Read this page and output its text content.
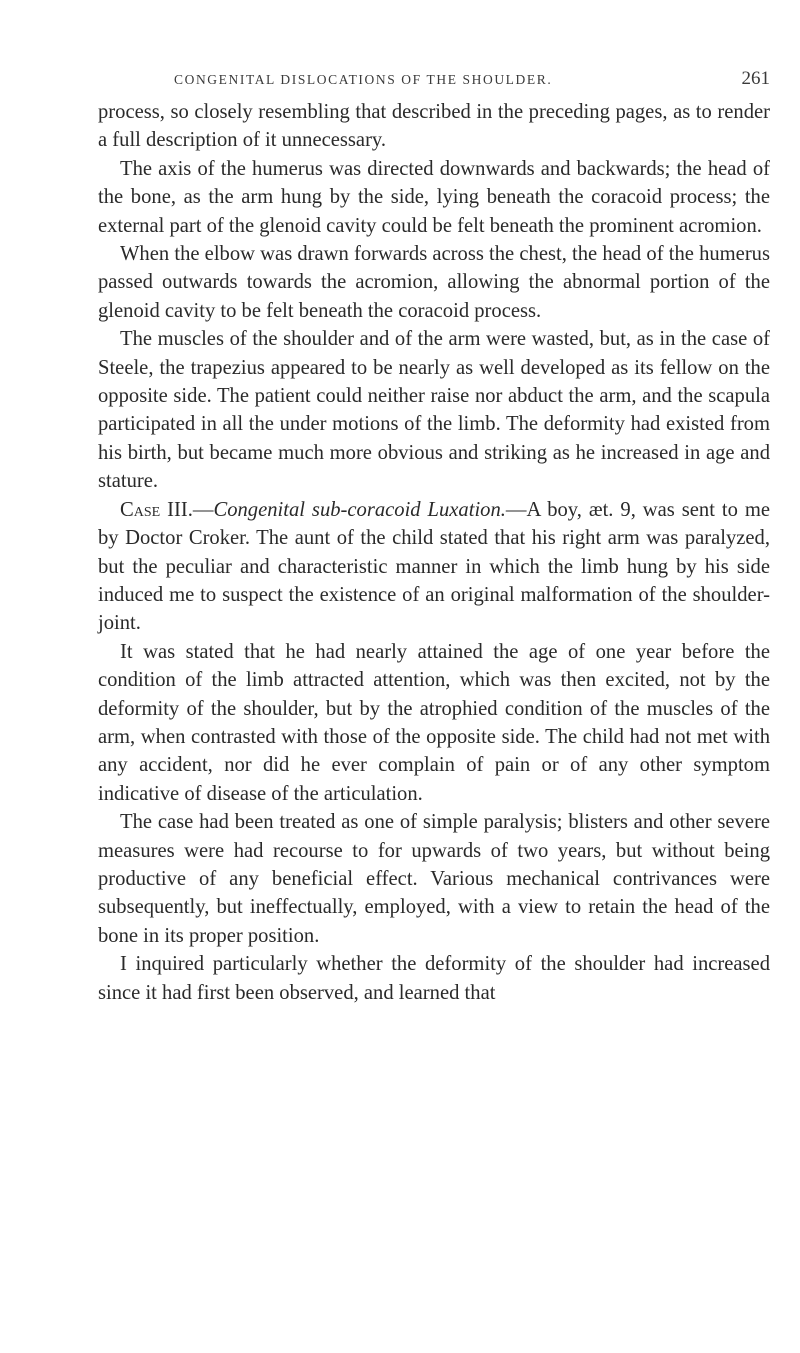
CONGENITAL DISLOCATIONS OF THE SHOULDER.	261

process, so closely resembling that described in the preceding pages, as to render a full description of it unnecessary.

The axis of the humerus was directed downwards and backwards; the head of the bone, as the arm hung by the side, lying beneath the coracoid process; the external part of the glenoid cavity could be felt beneath the prominent acromion.

When the elbow was drawn forwards across the chest, the head of the humerus passed outwards towards the acromion, allowing the abnormal portion of the glenoid cavity to be felt beneath the coracoid process.

The muscles of the shoulder and of the arm were wasted, but, as in the case of Steele, the trapezius appeared to be nearly as well developed as its fellow on the opposite side. The patient could neither raise nor abduct the arm, and the scapula participated in all the under motions of the limb. The deformity had existed from his birth, but became much more obvious and striking as he increased in age and stature.

Case III.—Congenital sub-coracoid Luxation.—A boy, æt. 9, was sent to me by Doctor Croker. The aunt of the child stated that his right arm was paralyzed, but the peculiar and characteristic manner in which the limb hung by his side induced me to suspect the existence of an original malformation of the shoulder-joint.

It was stated that he had nearly attained the age of one year before the condition of the limb attracted attention, which was then excited, not by the deformity of the shoulder, but by the atrophied condition of the muscles of the arm, when contrasted with those of the opposite side. The child had not met with any accident, nor did he ever complain of pain or of any other symptom indicative of disease of the articulation.

The case had been treated as one of simple paralysis; blisters and other severe measures were had recourse to for upwards of two years, but without being productive of any beneficial effect. Various mechanical contrivances were subsequently, but ineffectually, employed, with a view to retain the head of the bone in its proper position.

I inquired particularly whether the deformity of the shoulder had increased since it had first been observed, and learned that
